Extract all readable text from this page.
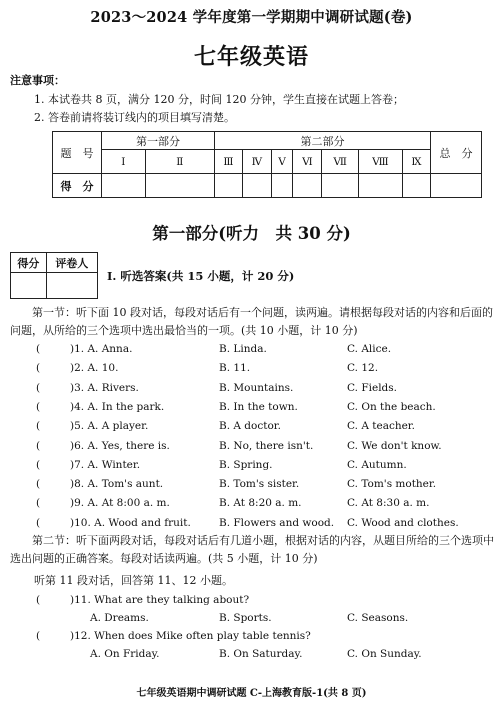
2023～2024 学年度第一学期期中调研试题(卷)
七年级英语
注意事项：
1. 本试卷共 8 页，满分 120 分，时间 120 分钟，学生直接在试题上答卷；
2. 答卷前请将装订线内的项目填写清楚。
题　号	第一部分		第二部分							总　分
	Ⅰ	Ⅱ	Ⅲ	Ⅳ	Ⅴ	Ⅵ	Ⅶ	Ⅷ	Ⅸ	
得　分										
第一部分(听力　共 30 分)
得分	评卷人

Ⅰ. 听选答案(共 15 小题，计 20 分)
第一节：听下面 10 段对话，每段对话后有一个问题，读两遍。请根据每段对话的内容和后面的问题，从所给的三个选项中选出最恰当的一项。(共 10 小题，计 10 分)
(	)1. A. Anna.	B. Linda.	C. Alice.
(	)2. A. 10.	B. 11.	C. 12.
(	)3. A. Rivers.	B. Mountains.	C. Fields.
(	)4. A. In the park.	B. In the town.	C. On the beach.
(	)5. A. A player.	B. A doctor.	C. A teacher.
(	)6. A. Yes, there is.	B. No, there isn't.	C. We don't know.
(	)7. A. Winter.	B. Spring.	C. Autumn.
(	)8. A. Tom's aunt.	B. Tom's sister.	C. Tom's mother.
(	)9. A. At 8:00 a. m.	B. At 8:20 a. m.	C. At 8:30 a. m.
(	)10. A. Wood and fruit.	B. Flowers and wood. C. Wood and clothes.
第二节：听下面两段对话，每段对话后有几道小题，根据对话的内容，从题目所给的三个选项中选出问题的正确答案。每段对话读两遍。(共 5 小题，计 10 分)
听第 11 段对话，回答第 11、12 小题。
(	)11. What are they talking about?
A. Dreams.	B. Sports.	C. Seasons.
(	)12. When does Mike often play table tennis?
A. On Friday.	B. On Saturday.	C. On Sunday.
七年级英语期中调研试题 C-上海教育版-1(共 8 页)
